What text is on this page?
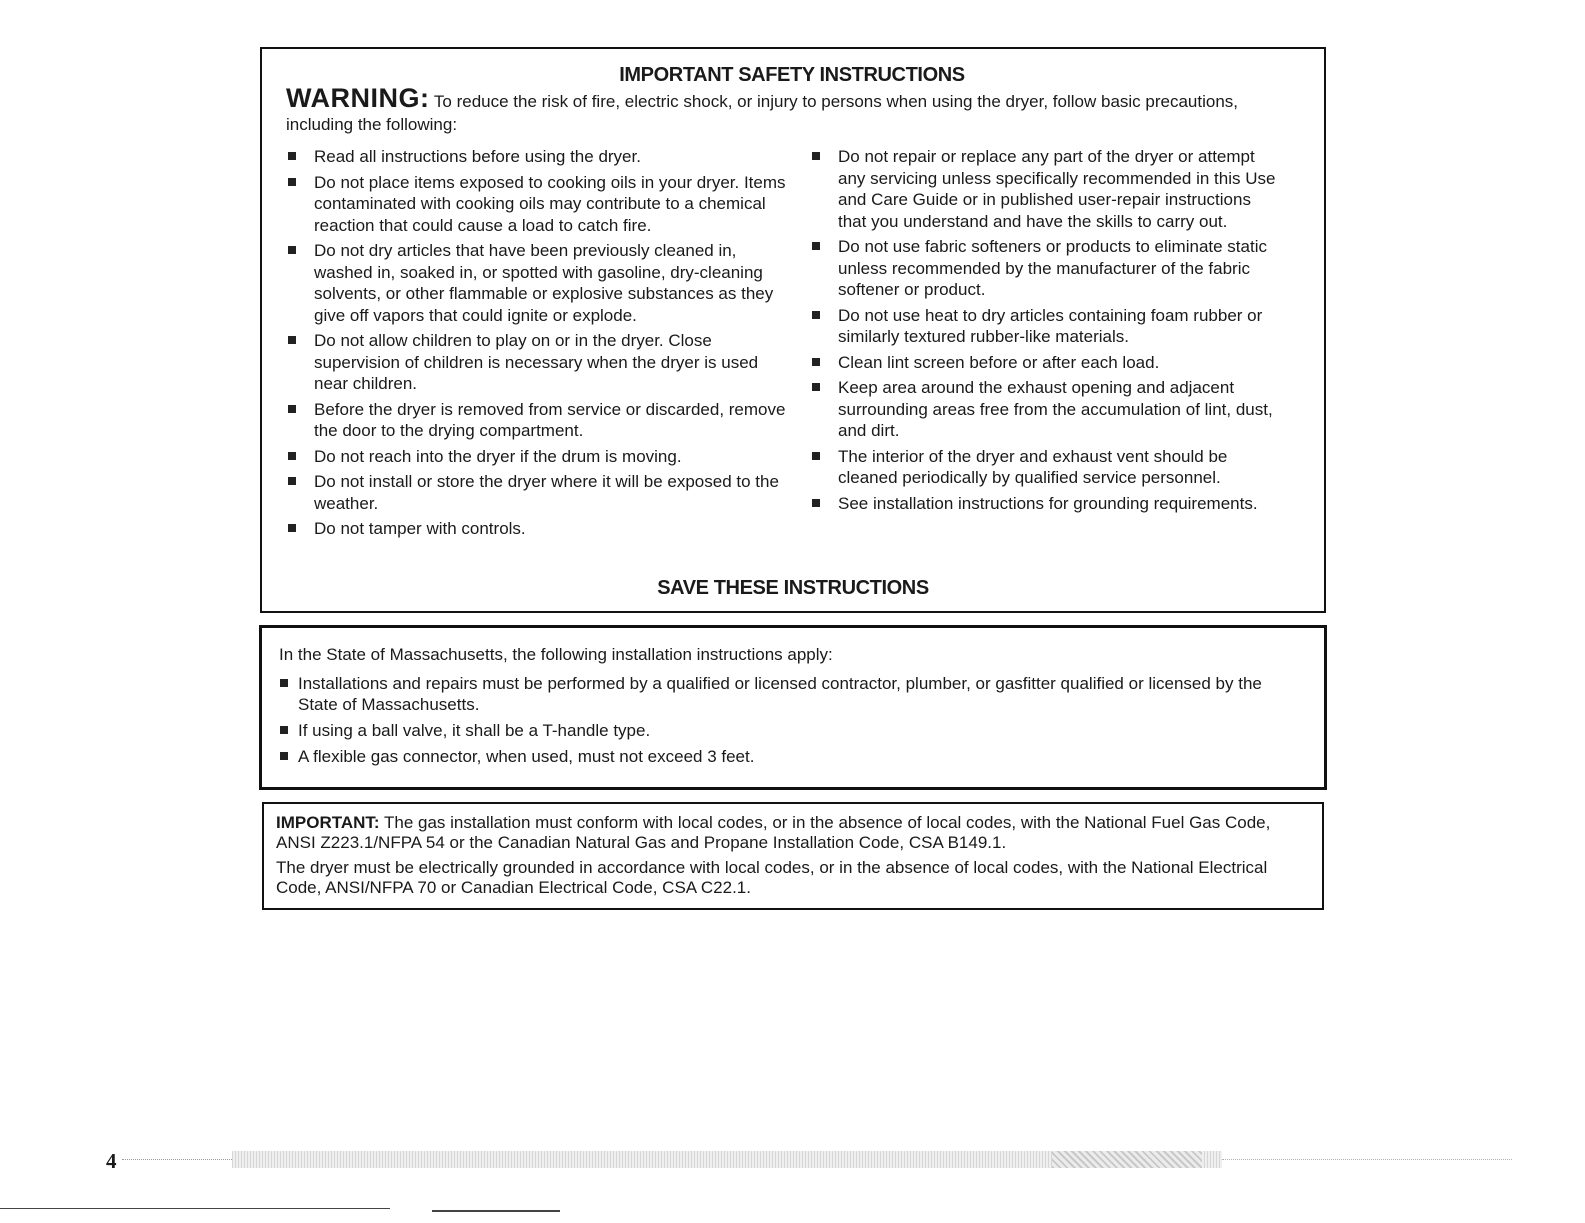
IMPORTANT SAFETY INSTRUCTIONS
WARNING: To reduce the risk of fire, electric shock, or injury to persons when using the dryer, follow basic precautions, including the following:
Read all instructions before using the dryer.
Do not place items exposed to cooking oils in your dryer. Items contaminated with cooking oils may contribute to a chemical reaction that could cause a load to catch fire.
Do not dry articles that have been previously cleaned in, washed in, soaked in, or spotted with gasoline, dry-cleaning solvents, or other flammable or explosive substances as they give off vapors that could ignite or explode.
Do not allow children to play on or in the dryer. Close supervision of children is necessary when the dryer is used near children.
Before the dryer is removed from service or discarded, remove the door to the drying compartment.
Do not reach into the dryer if the drum is moving.
Do not install or store the dryer where it will be exposed to the weather.
Do not tamper with controls.
Do not repair or replace any part of the dryer or attempt any servicing unless specifically recommended in this Use and Care Guide or in published user-repair instructions that you understand and have the skills to carry out.
Do not use fabric softeners or products to eliminate static unless recommended by the manufacturer of the fabric softener or product.
Do not use heat to dry articles containing foam rubber or similarly textured rubber-like materials.
Clean lint screen before or after each load.
Keep area around the exhaust opening and adjacent surrounding areas free from the accumulation of lint, dust, and dirt.
The interior of the dryer and exhaust vent should be cleaned periodically by qualified service personnel.
See installation instructions for grounding requirements.
SAVE THESE INSTRUCTIONS
In the State of Massachusetts, the following installation instructions apply:
Installations and repairs must be performed by a qualified or licensed contractor, plumber, or gasfitter qualified or licensed by the State of Massachusetts.
If using a ball valve, it shall be a T-handle type.
A flexible gas connector, when used, must not exceed 3 feet.

IMPORTANT: The gas installation must conform with local codes, or in the absence of local codes, with the National Fuel Gas Code, ANSI Z223.1/NFPA 54 or the Canadian Natural Gas and Propane Installation Code, CSA B149.1.

The dryer must be electrically grounded in accordance with local codes, or in the absence of local codes, with the National Electrical Code, ANSI/NFPA 70 or Canadian Electrical Code, CSA C22.1.

4
